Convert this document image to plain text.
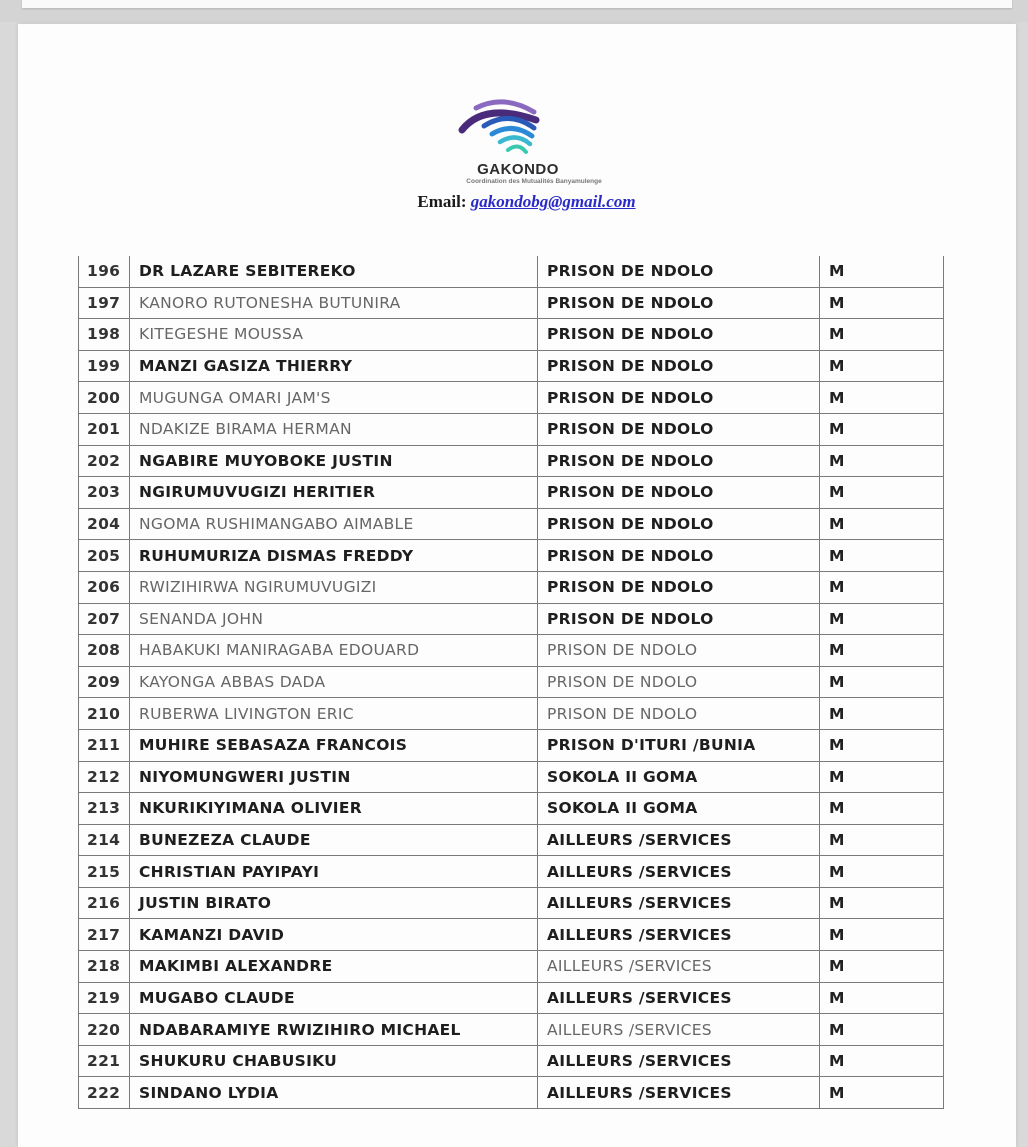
GAKONDO
Coordination des Mutualités Banyamulenge
Email: gakondobg@gmail.com
196	DR LAZARE SEBITEREKO	PRISON DE NDOLO	M
197	KANORO RUTONESHA BUTUNIRA	PRISON DE NDOLO	M
198	KITEGESHE MOUSSA	PRISON DE NDOLO	M
199	MANZI GASIZA THIERRY	PRISON DE NDOLO	M
200	MUGUNGA OMARI JAM'S	PRISON DE NDOLO	M
201	NDAKIZE BIRAMA HERMAN	PRISON DE NDOLO	M
202	NGABIRE MUYOBOKE JUSTIN	PRISON DE NDOLO	M
203	NGIRUMUVUGIZI HERITIER	PRISON DE NDOLO	M
204	NGOMA RUSHIMANGABO AIMABLE	PRISON DE NDOLO	M
205	RUHUMURIZA DISMAS FREDDY	PRISON DE NDOLO	M
206	RWIZIHIRWA NGIRUMUVUGIZI	PRISON DE NDOLO	M
207	SENANDA JOHN	PRISON DE NDOLO	M
208	HABAKUKI MANIRAGABA EDOUARD	PRISON DE NDOLO	M
209	KAYONGA ABBAS DADA	PRISON DE NDOLO	M
210	RUBERWA LIVINGTON ERIC	PRISON DE NDOLO	M
211	MUHIRE SEBASAZA FRANCOIS	PRISON D'ITURI /BUNIA	M
212	NIYOMUNGWERI JUSTIN	SOKOLA II GOMA	M
213	NKURIKIYIMANA OLIVIER	SOKOLA II GOMA	M
214	BUNEZEZA CLAUDE	AILLEURS /SERVICES	M
215	CHRISTIAN PAYIPAYI	AILLEURS /SERVICES	M
216	JUSTIN BIRATO	AILLEURS /SERVICES	M
217	KAMANZI DAVID	AILLEURS /SERVICES	M
218	MAKIMBI ALEXANDRE	AILLEURS /SERVICES	M
219	MUGABO CLAUDE	AILLEURS /SERVICES	M
220	NDABARAMIYE RWIZIHIRO MICHAEL	AILLEURS /SERVICES	M
221	SHUKURU CHABUSIKU	AILLEURS /SERVICES	M
222	SINDANO LYDIA	AILLEURS /SERVICES	M
